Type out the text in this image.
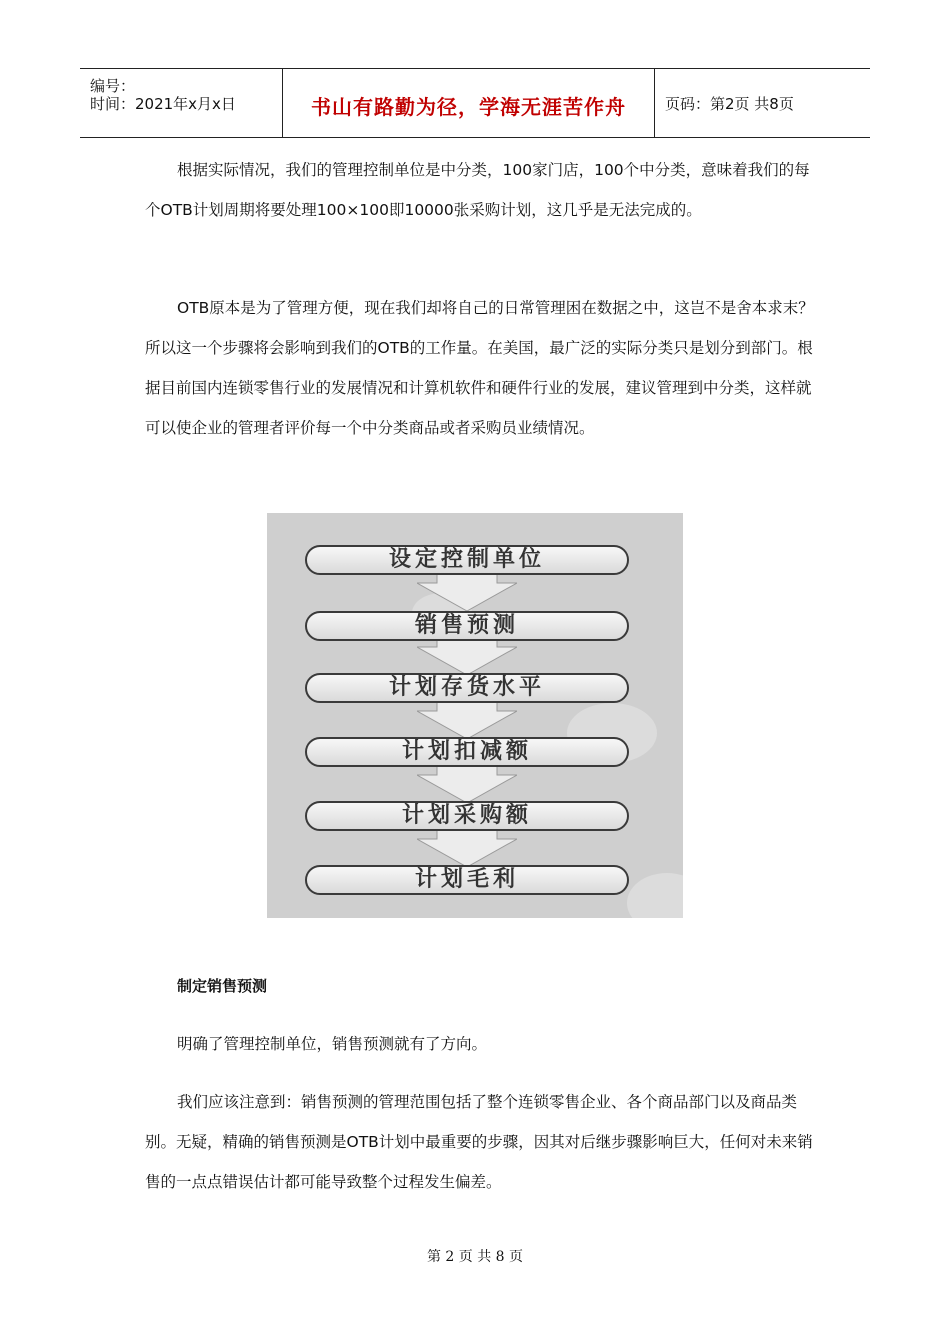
编号：
时间：2021年x月x日	书山有路勤为径，学海无涯苦作舟	页码：第2页 共8页
根据实际情况，我们的管理控制单位是中分类，100家门店，100个中分类，意味着我们的每个OTB计划周期将要处理100×100即10000张采购计划，这几乎是无法完成的。
OTB原本是为了管理方便，现在我们却将自己的日常管理困在数据之中，这岂不是舍本求末？所以这一个步骤将会影响到我们的OTB的工作量。在美国，最广泛的实际分类只是划分到部门。根据目前国内连锁零售行业的发展情况和计算机软件和硬件行业的发展，建议管理到中分类，这样就可以使企业的管理者评价每一个中分类商品或者采购员业绩情况。
设定控制单位
销售预测
计划存货水平
计划扣减额
计划采购额
计划毛利
制定销售预测
明确了管理控制单位，销售预测就有了方向。
我们应该注意到：销售预测的管理范围包括了整个连锁零售企业、各个商品部门以及商品类别。无疑，精确的销售预测是OTB计划中最重要的步骤，因其对后继步骤影响巨大，任何对未来销售的一点点错误估计都可能导致整个过程发生偏差。
第 2 页 共 8 页
